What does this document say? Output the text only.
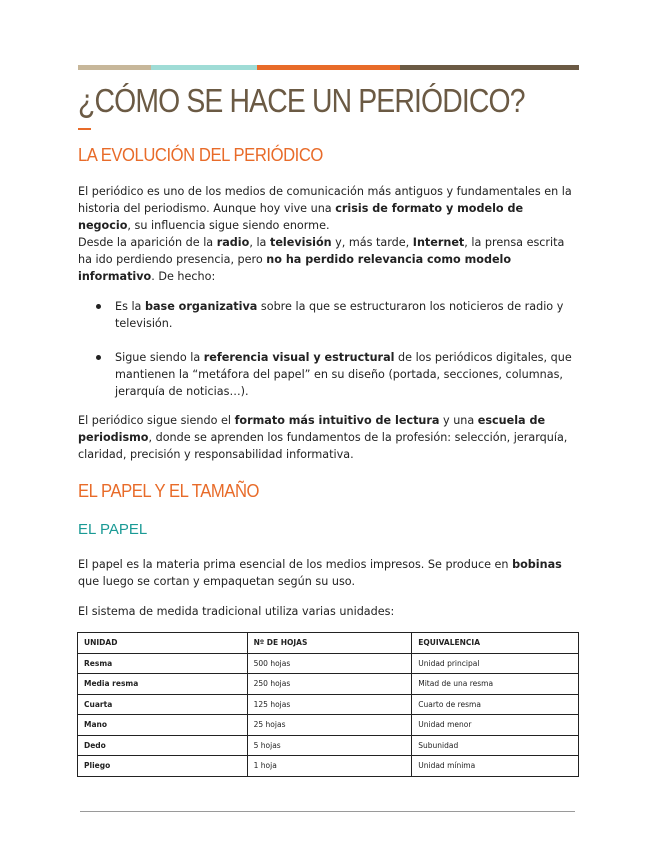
¿CÓMO SE HACE UN PERIÓDICO?
LA EVOLUCIÓN DEL PERIÓDICO

El periódico es uno de los medios de comunicación más antiguos y fundamentales en la historia del periodismo. Aunque hoy vive una crisis de formato y modelo de negocio, su influencia sigue siendo enorme.

Desde la aparición de la radio, la televisión y, más tarde, Internet, la prensa escrita ha ido perdiendo presencia, pero no ha perdido relevancia como modelo informativo. De hecho:

Es la base organizativa sobre la que se estructuraron los noticieros de radio y televisión.
Sigue siendo la referencia visual y estructural de los periódicos digitales, que mantienen la “metáfora del papel” en su diseño (portada, secciones, columnas, jerarquía de noticias…).

El periódico sigue siendo el formato más intuitivo de lectura y una escuela de periodismo, donde se aprenden los fundamentos de la profesión: selección, jerarquía, claridad, precisión y responsabilidad informativa.

EL PAPEL Y EL TAMAÑO
EL PAPEL

El papel es la materia prima esencial de los medios impresos. Se produce en bobinas que luego se cortan y empaquetan según su uso.

El sistema de medida tradicional utiliza varias unidades:

UNIDAD	Nº DE HOJAS	EQUIVALENCIA
Resma	500 hojas	Unidad principal
Media resma	250 hojas	Mitad de una resma
Cuarta	125 hojas	Cuarto de resma
Mano	25 hojas	Unidad menor
Dedo	5 hojas	Subunidad
Pliego	1 hoja	Unidad mínima
